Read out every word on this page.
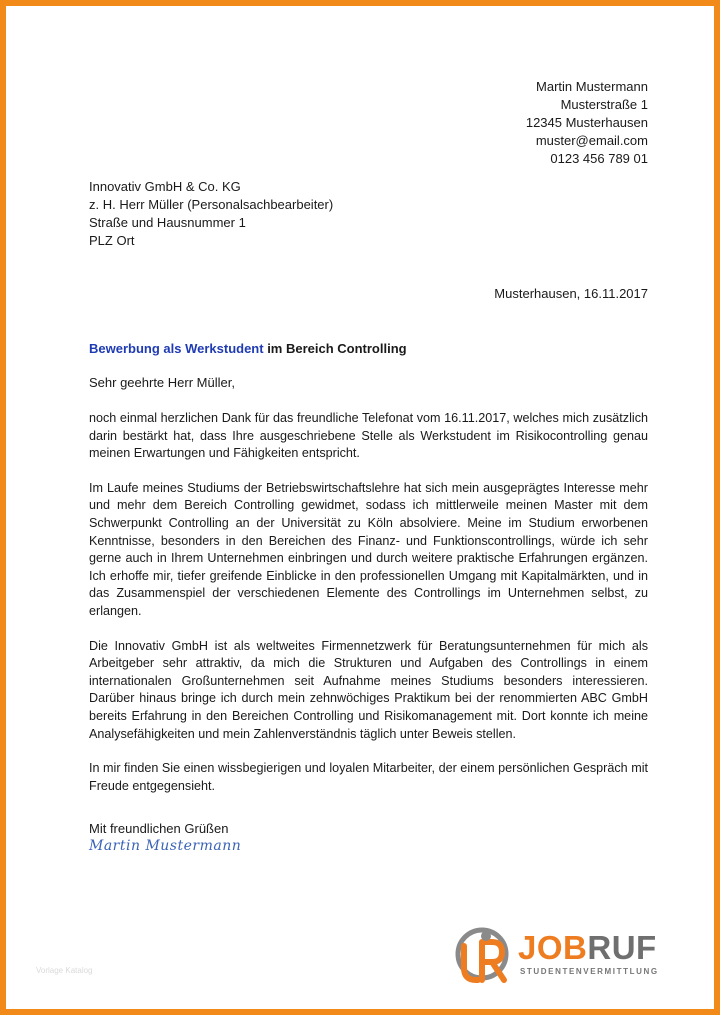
Martin Mustermann
Musterstraße 1
12345 Musterhausen
muster@email.com
0123 456 789 01
Innovativ GmbH & Co. KG
z. H. Herr Müller (Personalsachbearbeiter)
Straße und Hausnummer 1
PLZ Ort
Musterhausen, 16.11.2017
Bewerbung als Werkstudent im Bereich Controlling
Sehr geehrte Herr Müller,

noch einmal herzlichen Dank für das freundliche Telefonat vom 16.11.2017, welches mich zusätzlich darin bestärkt hat, dass Ihre ausgeschriebene Stelle als Werkstudent im Risikocontrolling genau meinen Erwartungen und Fähigkeiten entspricht.

Im Laufe meines Studiums der Betriebswirtschaftslehre hat sich mein ausgeprägtes Interesse mehr und mehr dem Bereich Controlling gewidmet, sodass ich mittlerweile meinen Master mit dem Schwerpunkt Controlling an der Universität zu Köln absolviere. Meine im Studium erworbenen Kenntnisse, besonders in den Bereichen des Finanz- und Funktionscontrollings, würde ich sehr gerne auch in Ihrem Unternehmen einbringen und durch weitere praktische Erfahrungen ergänzen. Ich erhoffe mir, tiefer greifende Einblicke in den professionellen Umgang mit Kapitalmärkten, und in das Zusammenspiel der verschiedenen Elemente des Controllings im Unternehmen selbst, zu erlangen.

Die Innovativ GmbH ist als weltweites Firmennetzwerk für Beratungsunternehmen für mich als Arbeitgeber sehr attraktiv, da mich die Strukturen und Aufgaben des Controllings in einem internationalen Großunternehmen seit Aufnahme meines Studiums besonders interessieren. Darüber hinaus bringe ich durch mein zehnwöchiges Praktikum bei der renommierten ABC GmbH bereits Erfahrung in den Bereichen Controlling und Risikomanagement mit. Dort konnte ich meine Analysefähigkeiten und mein Zahlenverständnis täglich unter Beweis stellen.

In mir finden Sie einen wissbegierigen und loyalen Mitarbeiter, der einem persönlichen Gespräch mit Freude entgegensieht.

Mit freundlichen Grüßen
Martin Mustermann
Vorlage Katalog
JOBRUF
STUDENTENVERMITTLUNG
